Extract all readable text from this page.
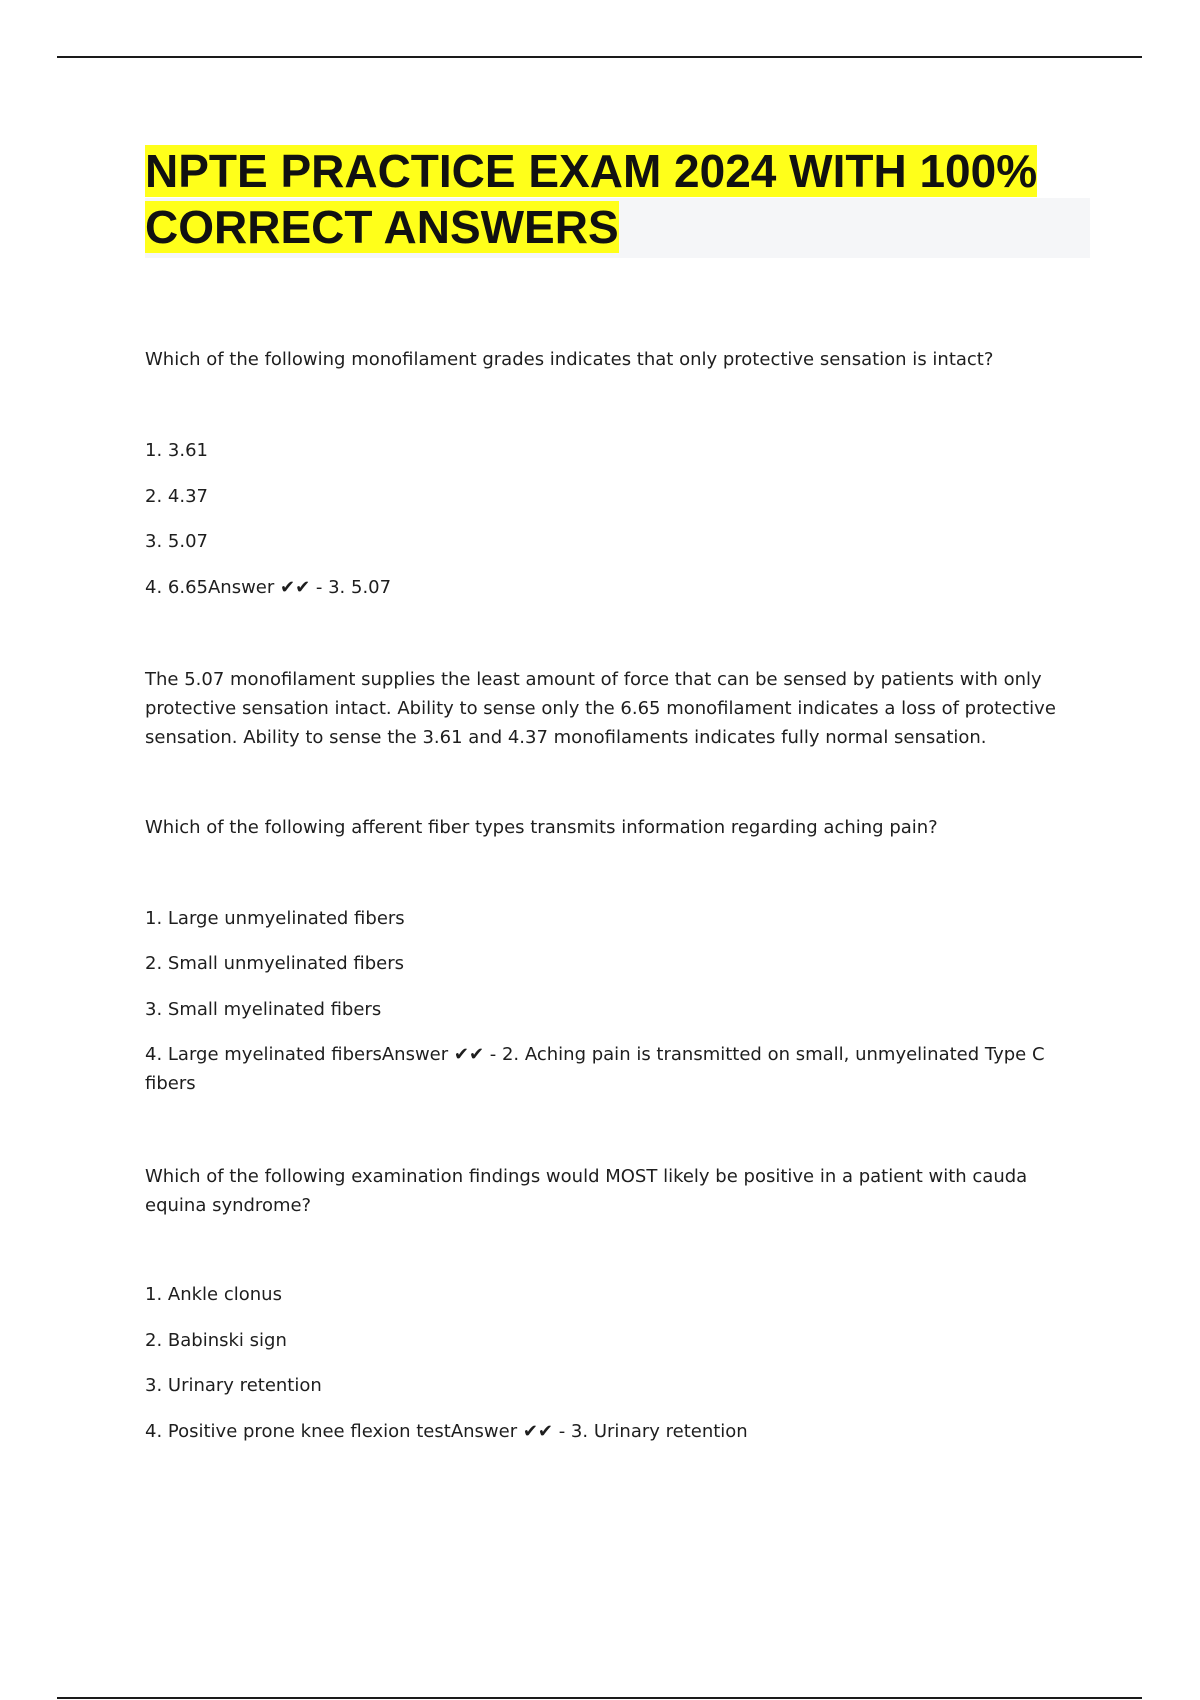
NPTE PRACTICE EXAM 2024 WITH 100%
CORRECT ANSWERS
Which of the following monofilament grades indicates that only protective sensation is intact?
1. 3.61
2. 4.37
3. 5.07
4. 6.65Answer ✔✔ - 3. 5.07
The 5.07 monofilament supplies the least amount of force that can be sensed by patients with only protective sensation intact. Ability to sense only the 6.65 monofilament indicates a loss of protective sensation. Ability to sense the 3.61 and 4.37 monofilaments indicates fully normal sensation.
Which of the following afferent fiber types transmits information regarding aching pain?
1. Large unmyelinated fibers
2. Small unmyelinated fibers
3. Small myelinated fibers
4. Large myelinated fibersAnswer ✔✔ - 2. Aching pain is transmitted on small, unmyelinated Type C fibers
Which of the following examination findings would MOST likely be positive in a patient with cauda equina syndrome?
1. Ankle clonus
2. Babinski sign
3. Urinary retention
4. Positive prone knee flexion testAnswer ✔✔ - 3. Urinary retention
